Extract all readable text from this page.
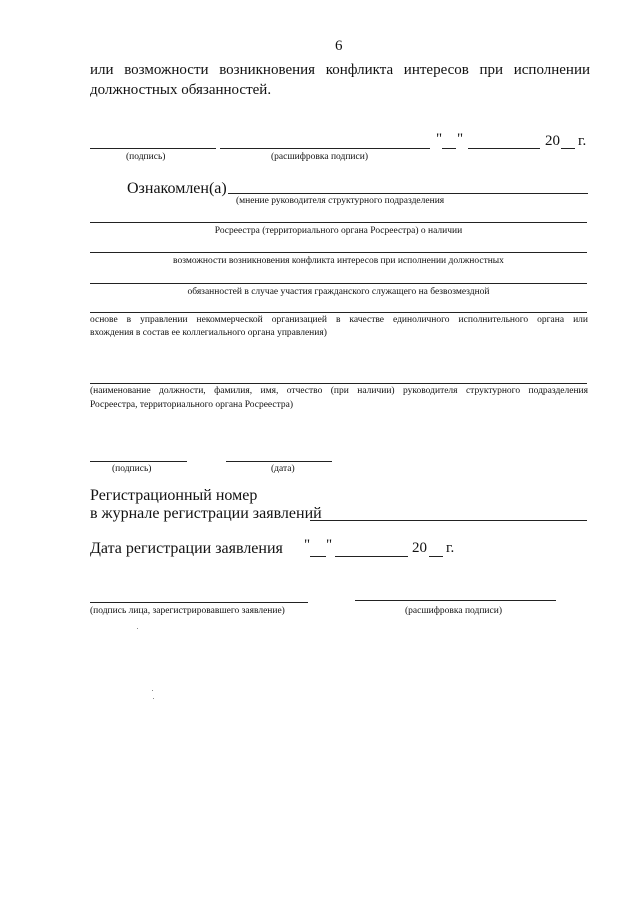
6
или возможности возникновения конфликта интересов при исполнении
должностных обязанностей.
" "	20 г.
(подпись)	(расшифровка подписи)
Ознакомлен(а)
(мнение руководителя структурного подразделения
Росреестра (территориального органа Росреестра) о наличии
возможности возникновения конфликта интересов при исполнении должностных
обязанностей в случае участия гражданского служащего на безвозмездной
основе в управлении некоммерческой организацией в качестве единоличного исполнительного органа или
вхождения в состав ее коллегиального органа управления)
(наименование должности, фамилия, имя, отчество (при наличии) руководителя структурного подразделения
Росреестра, территориального органа Росреестра)
(подпись)	(дата)
Регистрационный номер
в журнале регистрации заявлений
Дата регистрации заявления " "	20 г.
(подпись лица, зарегистрировавшего заявление)	(расшифровка подписи)
